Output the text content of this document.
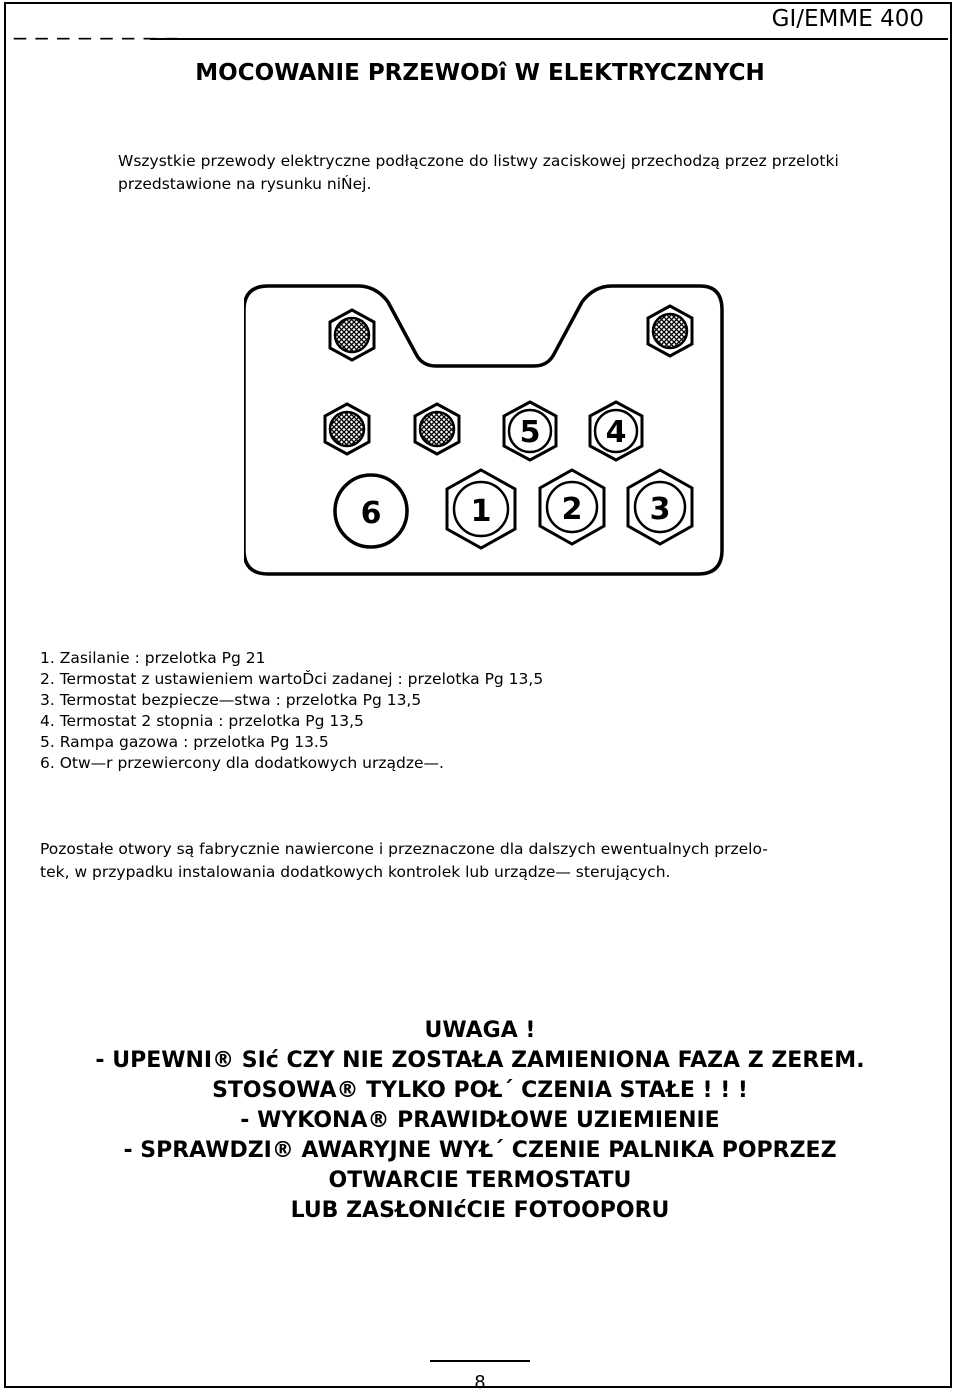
_ _ _ _ _ _ _ _	GI/EMME 400
MOCOWANIE PRZEWODî W ELEKTRYCZNYCH
Wszystkie przewody elektryczne podłączone do listwy zaciskowej przechodzą przez przelotki
przedstawione na rysunku niŃej.
5 4
6	1 2 3
1. Zasilanie : przelotka Pg 21
2. Termostat z ustawieniem wartoĎci zadanej : przelotka Pg 13,5
3. Termostat bezpiecze—stwa : przelotka Pg 13,5
4. Termostat 2 stopnia : przelotka Pg 13,5
5. Rampa gazowa : przelotka Pg 13.5
6. Otw—r przewiercony dla dodatkowych urządze—.
Pozostałe otwory są fabrycznie nawiercone i przeznaczone dla dalszych ewentualnych przelo-
tek, w przypadku instalowania dodatkowych kontrolek lub urządze— sterujących.
UWAGA !
- UPEWNI® SIć CZY NIE ZOSTAŁA ZAMIENIONA FAZA Z ZEREM.
STOSOWA® TYLKO POŁ´ CZENIA STAŁE ! ! !
- WYKONA® PRAWIDŁOWE UZIEMIENIE
- SPRAWDZI® AWARYJNE WYŁ´ CZENIE PALNIKA POPRZEZ
OTWARCIE TERMOSTATU
LUB ZASŁONIćCIE FOTOOPORU
8
